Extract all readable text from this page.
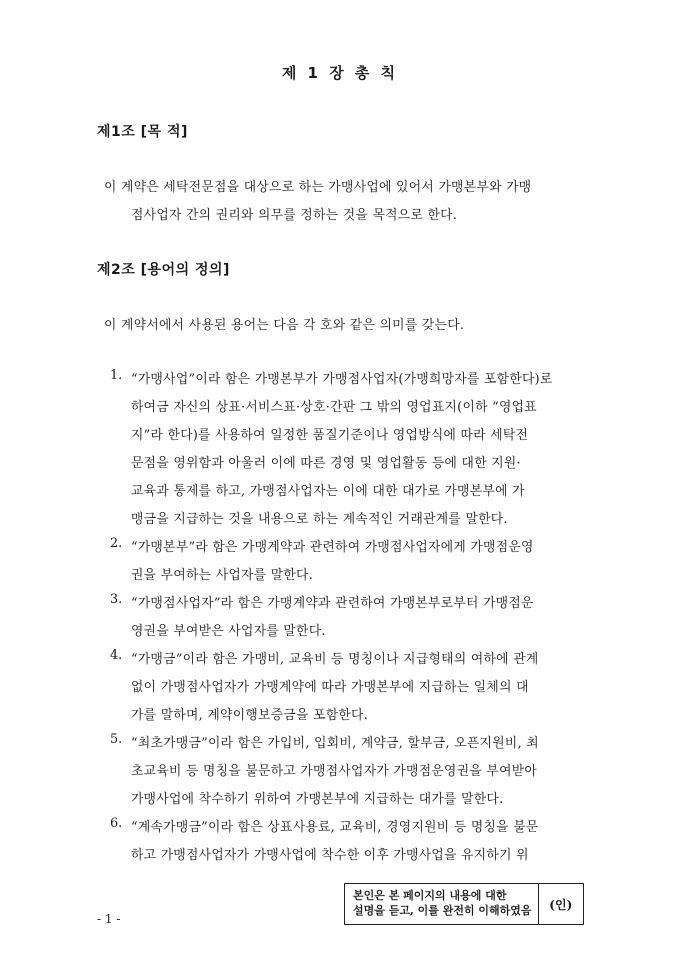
제 1 장 총 칙
제1조 [목 적]
이 계약은 세탁전문점을 대상으로 하는 가맹사업에 있어서 가맹본부와 가맹
점사업자 간의 권리와 의무를 정하는 것을 목적으로 한다.
제2조 [용어의 정의]
이 계약서에서 사용된 용어는 다음 각 호와 같은 의미를 갖는다.
1. “가맹사업”이라 함은 가맹본부가 가맹점사업자(가맹희망자를 포함한다)로
하여금 자신의 상표·서비스표·상호·간판 그 밖의 영업표지(이하 “영업표
지”라 한다)를 사용하여 일정한 품질기준이나 영업방식에 따라 세탁전
문점을 영위함과 아울러 이에 따른 경영 및 영업활동 등에 대한 지원·
교육과 통제를 하고, 가맹점사업자는 이에 대한 대가로 가맹본부에 가
맹금을 지급하는 것을 내용으로 하는 계속적인 거래관계를 말한다.
2. “가맹본부”라 함은 가맹계약과 관련하여 가맹점사업자에게 가맹점운영
권을 부여하는 사업자를 말한다.
3. “가맹점사업자”라 함은 가맹계약과 관련하여 가맹본부로부터 가맹점운
영권을 부여받은 사업자를 말한다.
4. “가맹금”이라 함은 가맹비, 교육비 등 명칭이나 지급형태의 여하에 관계
없이 가맹점사업자가 가맹계약에 따라 가맹본부에 지급하는 일체의 대
가를 말하며, 계약이행보증금을 포함한다.
5. “최초가맹금”이라 함은 가입비, 입회비, 계약금, 할부금, 오픈지원비, 최
초교육비 등 명칭을 불문하고 가맹점사업자가 가맹점운영권을 부여받아
가맹사업에 착수하기 위하여 가맹본부에 지급하는 대가를 말한다.
6. “계속가맹금”이라 함은 상표사용료, 교육비, 경영지원비 등 명칭을 불문
하고 가맹점사업자가 가맹사업에 착수한 이후 가맹사업을 유지하기 위
본인은 본 페이지의 내용에 대한
설명을 듣고, 이를 완전히 이해하였음	(인)
- 1 -
